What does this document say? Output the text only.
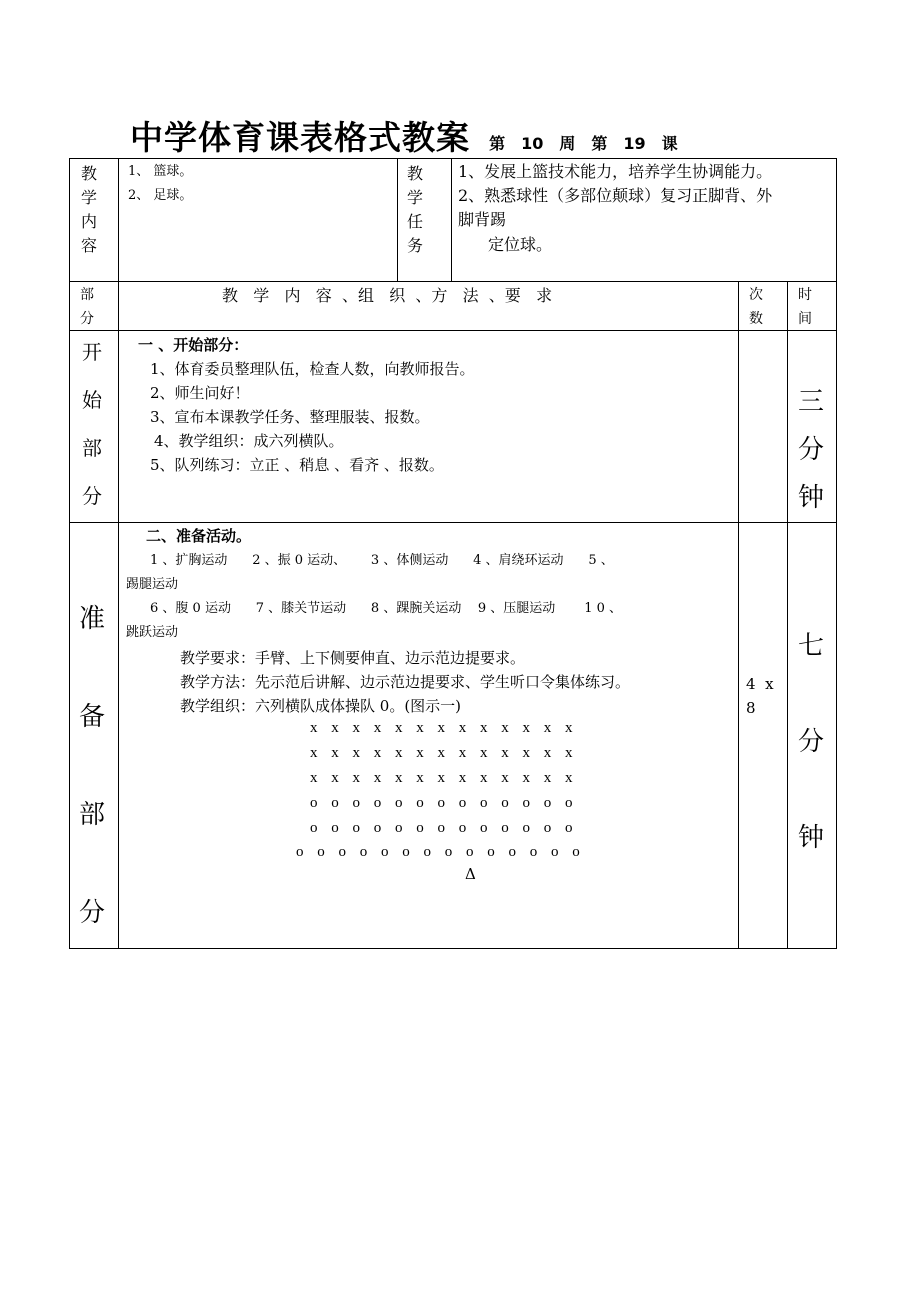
中学体育课表格式教案 第 10 周 第 19 课
教
学
内
容
1、 篮球。
2、 足球。
教
学
任
务
1、发展上篮技术能力，培养学生协调能力。
2、熟悉球性（多部位颠球）复习正脚背、外
脚背踢
定位球。
部
分
教   学   内   容  、组   织  、方   法  、要   求	次
数
时
间
开
始
部
分
一 、开始部分：
1、体育委员整理队伍，检查人数，向教师报告。
2、师生问好！
3、宣布本课教学任务、整理服装、报数。
4、教学组织：成六列横队。
5、队列练习：立正 、稍息 、看齐 、报数。
三
分
钟
准
备
部
分
二、准备活动。
1 、扩胸运动      2 、振 0 运动、      3 、体侧运动      4 、肩绕环运动      5 、
踢腿运动
6 、腹 0 运动      7 、膝关节运动      8 、踝腕关运动    9 、压腿运动       1 0 、
跳跃运动
教学要求：手臂、上下侧要伸直、边示范边提要求。
教学方法：先示范后讲解、边示范边提要求、学生听口令集体练习。
教学组织：六列横队成体操队 0。(图示一)
x x x x x x x x x x x x x
x x x x x x x x x x x x x
x x x x x x x x x x x x x
o o o o o o o o o o o o o
o o o o o o o o o o o o o
o o o o o o o o o o o o o o
Δ
4  x
8
七
分
钟
